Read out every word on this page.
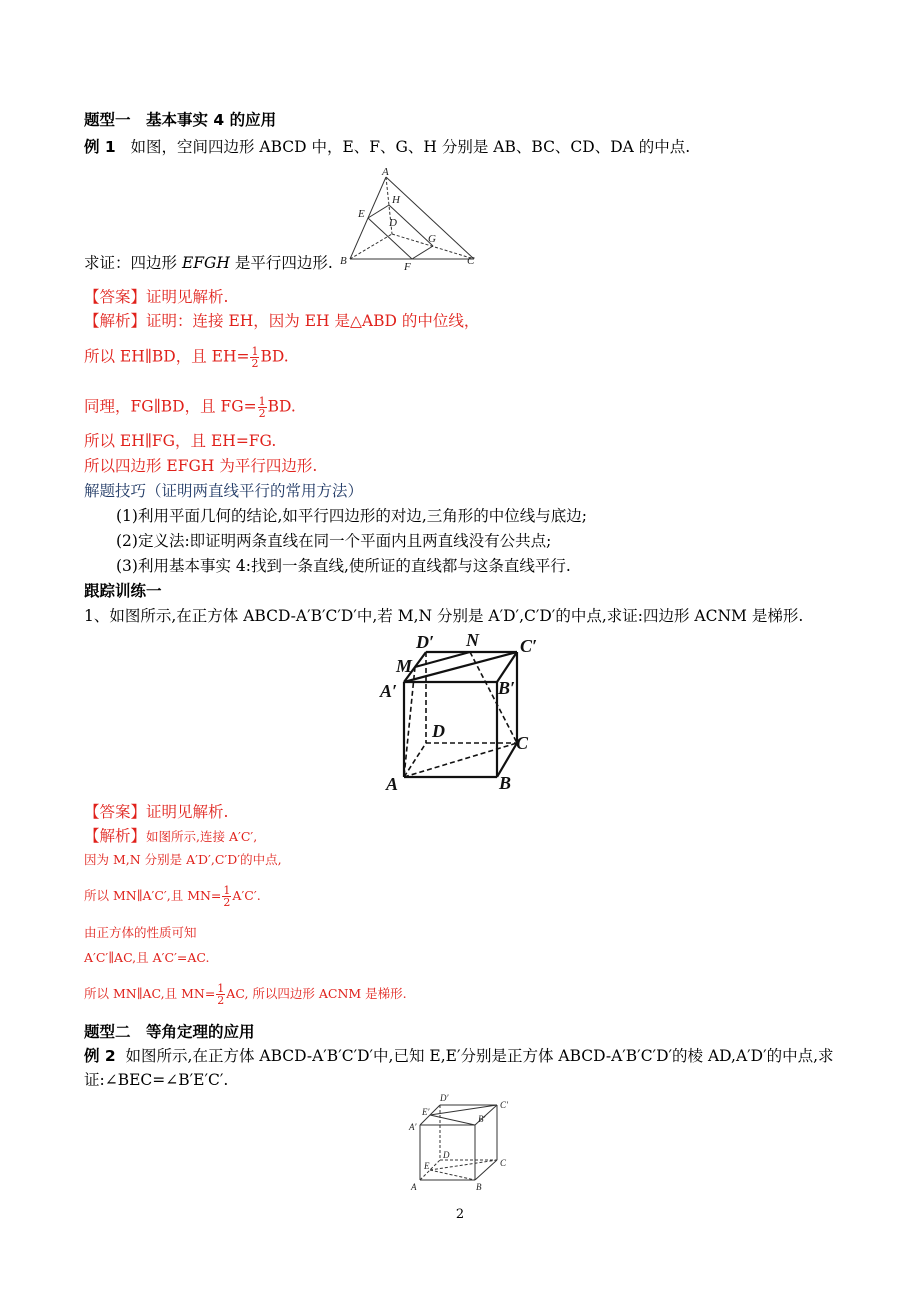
题型一　基本事实 4 的应用
例 1 如图，空间四边形 ABCD 中，E、F、G、H 分别是 AB、BC、CD、DA 的中点.
A
B	C
D
E
F
G
H
求证：四边形 EFGH 是平行四边形.
【答案】证明见解析.
【解析】证明：连接 EH，因为 EH 是△ABD 的中位线，
所以 EH∥BD，且 $EH= \frac{1}{2}$ BD.
同理，FG∥BD，且 $FG= \frac{1}{2}$ BD.
所以 EH∥FG，且 EH=FG.
所以四边形 EFGH 为平行四边形.
解题技巧（证明两直线平行的常用方法）
(1)利用平面几何的结论,如平行四边形的对边,三角形的中位线与底边;
(2)定义法:即证明两条直线在同一个平面内且两直线没有公共点;
(3)利用基本事实 4:找到一条直线,使所证的直线都与这条直线平行.
跟踪训练一
1、如图所示,在正方体 ABCD-A′B′C′D′中,若 M,N 分别是 A′D′,C′D′的中点,求证:四边形 ACNM 是梯形.
D′ N C′
M
A′	B′
D
C
A	B
【答案】证明见解析.
【解析】如图所示,连接 A′C′,
因为 M,N 分别是 A′D′,C′D′的中点,
所以 MN∥A′C′,且 $MN= \frac{1}{2} A'C'$.
由正方体的性质可知
A′C′∥AC,且 A′C′=AC.
所以 MN∥AC,且 $MN= \frac{1}{2}$ AC, 所以四边形 ACNM 是梯形.
题型二　等角定理的应用
例 2 如图所示,在正方体 ABCD-A′B′C′D′中,已知 E,E′分别是正方体 ABCD-A′B′C′D′的棱 AD,A′D′的中点,求
证:∠BEC=∠B′E′C′.
D′
E′
C′
B′
A′
D
C
E
A	B
2
